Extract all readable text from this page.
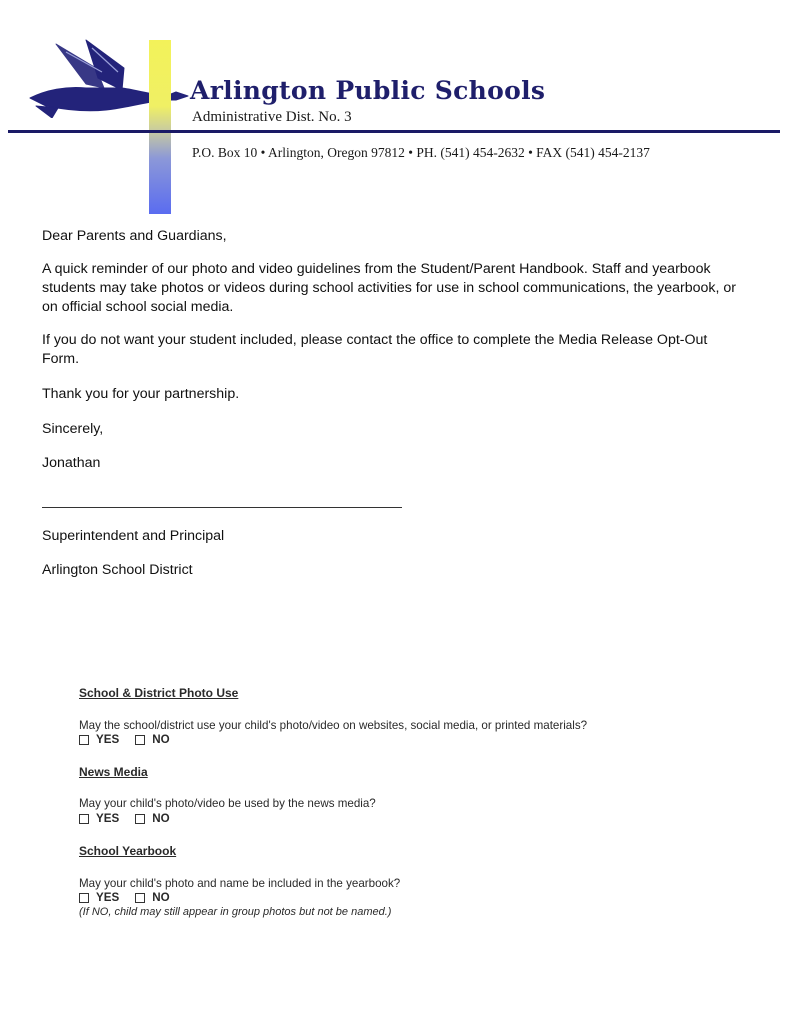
Arlington Public Schools
Administrative Dist. No. 3
P.O. Box 10 • Arlington, Oregon 97812 • PH. (541) 454-2632 • FAX (541) 454-2137
Dear Parents and Guardians,
A quick reminder of our photo and video guidelines from the Student/Parent Handbook. Staff and yearbook students may take photos or videos during school activities for use in school communications, the yearbook, or on official school social media.
If you do not want your student included, please contact the office to complete the Media Release Opt-Out Form.
Thank you for your partnership.
Sincerely,
Jonathan
Superintendent and Principal
Arlington School District
School & District Photo Use
May the school/district use your child's photo/video on websites, social media, or printed materials?
YES	NO
News Media
May your child's photo/video be used by the news media?
YES	NO
School Yearbook
May your child's photo and name be included in the yearbook?
YES	NO
(If NO, child may still appear in group photos but not be named.)
